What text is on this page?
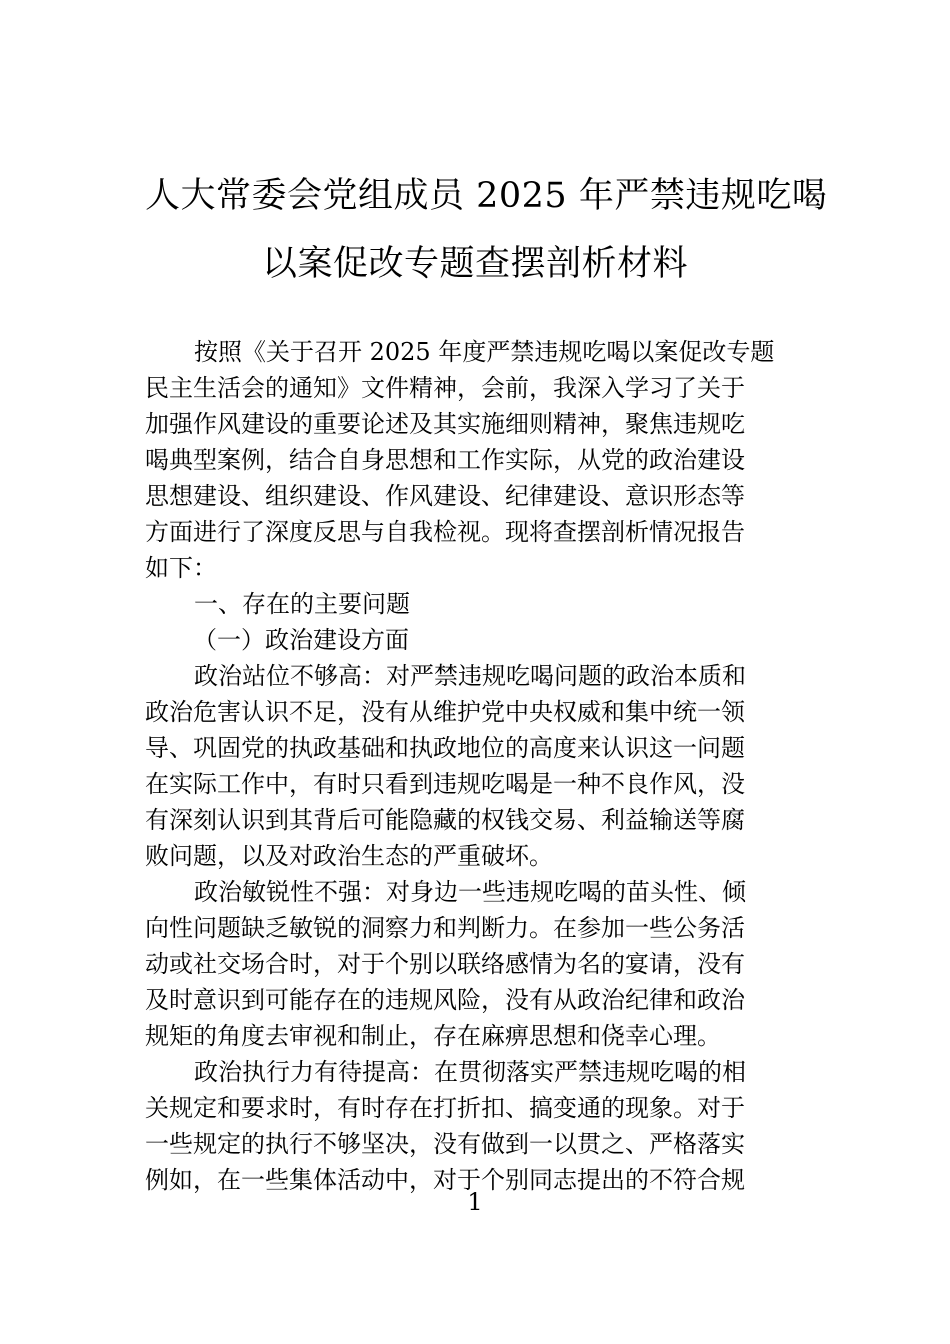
人大常委会党组成员 2025 年严禁违规吃喝
以案促改专题查摆剖析材料
按照《关于召开 2025 年度严禁违规吃喝以案促改专题
民主生活会的通知》文件精神，会前，我深入学习了关于
加强作风建设的重要论述及其实施细则精神，聚焦违规吃
喝典型案例，结合自身思想和工作实际，从党的政治建设
思想建设、组织建设、作风建设、纪律建设、意识形态等
方面进行了深度反思与自我检视。现将查摆剖析情况报告
如下：
一、存在的主要问题
（一）政治建设方面
政治站位不够高：对严禁违规吃喝问题的政治本质和
政治危害认识不足，没有从维护党中央权威和集中统一领
导、巩固党的执政基础和执政地位的高度来认识这一问题
在实际工作中，有时只看到违规吃喝是一种不良作风，没
有深刻认识到其背后可能隐藏的权钱交易、利益输送等腐
败问题，以及对政治生态的严重破坏。
政治敏锐性不强：对身边一些违规吃喝的苗头性、倾
向性问题缺乏敏锐的洞察力和判断力。在参加一些公务活
动或社交场合时，对于个别以联络感情为名的宴请，没有
及时意识到可能存在的违规风险，没有从政治纪律和政治
规矩的角度去审视和制止，存在麻痹思想和侥幸心理。
政治执行力有待提高：在贯彻落实严禁违规吃喝的相
关规定和要求时，有时存在打折扣、搞变通的现象。对于
一些规定的执行不够坚决，没有做到一以贯之、严格落实
例如，在一些集体活动中，对于个别同志提出的不符合规
1
